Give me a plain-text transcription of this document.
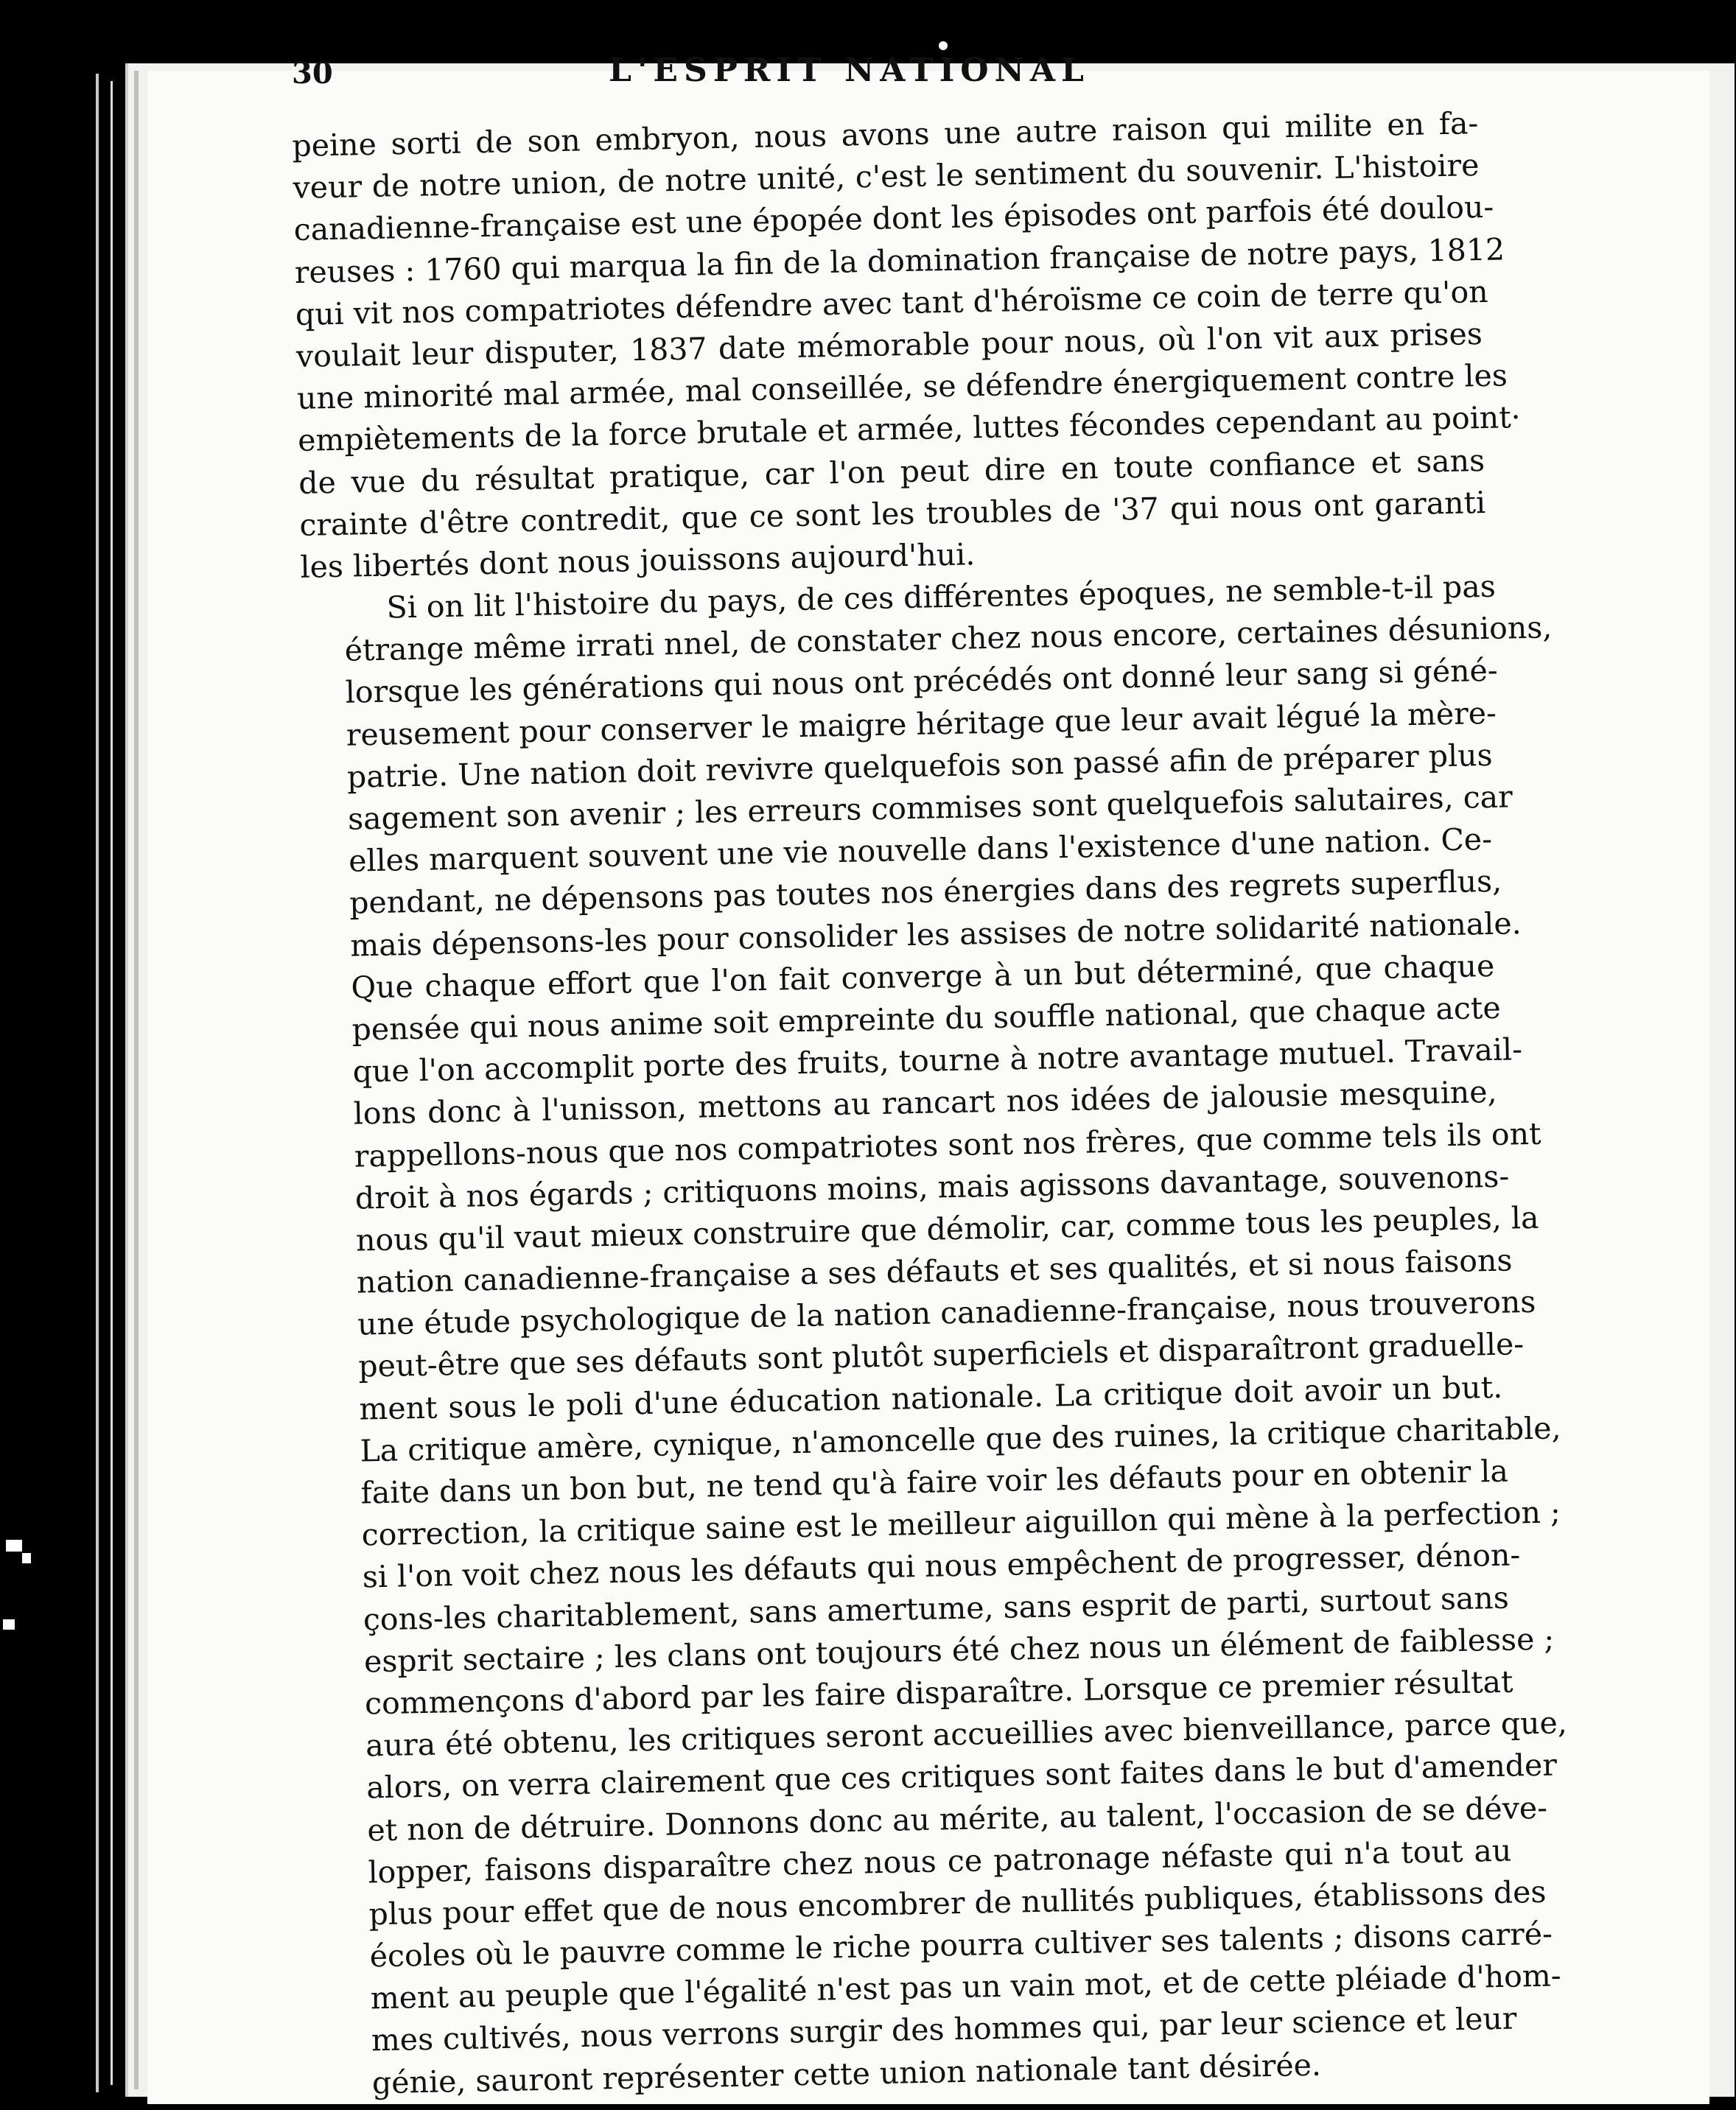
30	L'ESPRIT NATIONAL

peine sorti de son embryon, nous avons une autre raison qui milite en fa-
veur de notre union, de notre unité, c'est le sentiment du souvenir. L'histoire
canadienne-française est une épopée dont les épisodes ont parfois été doulou-
reuses : 1760 qui marqua la fin de la domination française de notre pays, 1812
qui vit nos compatriotes défendre avec tant d'héroïsme ce coin de terre qu'on
voulait leur disputer, 1837 date mémorable pour nous, où l'on vit aux prises
une minorité mal armée, mal conseillée, se défendre énergiquement contre les
empiètements de la force brutale et armée, luttes fécondes cependant au point·
de vue du résultat pratique, car l'on peut dire en toute confiance et sans
crainte d'être contredit, que ce sont les troubles de '37 qui nous ont garanti
les libertés dont nous jouissons aujourd'hui.

Si on lit l'histoire du pays, de ces différentes époques, ne semble-t-il pas
étrange même irrati nnel, de constater chez nous encore, certaines désunions,
lorsque les générations qui nous ont précédés ont donné leur sang si géné-
reusement pour conserver le maigre héritage que leur avait légué la mère-
patrie. Une nation doit revivre quelquefois son passé afin de préparer plus
sagement son avenir ; les erreurs commises sont quelquefois salutaires, car
elles marquent souvent une vie nouvelle dans l'existence d'une nation. Ce-
pendant, ne dépensons pas toutes nos énergies dans des regrets superflus,
mais dépensons-les pour consolider les assises de notre solidarité nationale.
Que chaque effort que l'on fait converge à un but déterminé, que chaque
pensée qui nous anime soit empreinte du souffle national, que chaque acte
que l'on accomplit porte des fruits, tourne à notre avantage mutuel. Travail-
lons donc à l'unisson, mettons au rancart nos idées de jalousie mesquine,
rappellons-nous que nos compatriotes sont nos frères, que comme tels ils ont
droit à nos égards ; critiquons moins, mais agissons davantage, souvenons-
nous qu'il vaut mieux construire que démolir, car, comme tous les peuples, la
nation canadienne-française a ses défauts et ses qualités, et si nous faisons
une étude psychologique de la nation canadienne-française, nous trouverons
peut-être que ses défauts sont plutôt superficiels et disparaîtront graduelle-
ment sous le poli d'une éducation nationale. La critique doit avoir un but.
La critique amère, cynique, n'amoncelle que des ruines, la critique charitable,
faite dans un bon but, ne tend qu'à faire voir les défauts pour en obtenir la
correction, la critique saine est le meilleur aiguillon qui mène à la perfection ;
si l'on voit chez nous les défauts qui nous empêchent de progresser, dénon-
çons-les charitablement, sans amertume, sans esprit de parti, surtout sans
esprit sectaire ; les clans ont toujours été chez nous un élément de faiblesse ;
commençons d'abord par les faire disparaître. Lorsque ce premier résultat
aura été obtenu, les critiques seront accueillies avec bienveillance, parce que,
alors, on verra clairement que ces critiques sont faites dans le but d'amender
et non de détruire. Donnons donc au mérite, au talent, l'occasion de se déve-
lopper, faisons disparaître chez nous ce patronage néfaste qui n'a tout au
plus pour effet que de nous encombrer de nullités publiques, établissons des
écoles où le pauvre comme le riche pourra cultiver ses talents ; disons carré-
ment au peuple que l'égalité n'est pas un vain mot, et de cette pléiade d'hom-
mes cultivés, nous verrons surgir des hommes qui, par leur science et leur
génie, sauront représenter cette union nationale tant désirée.
